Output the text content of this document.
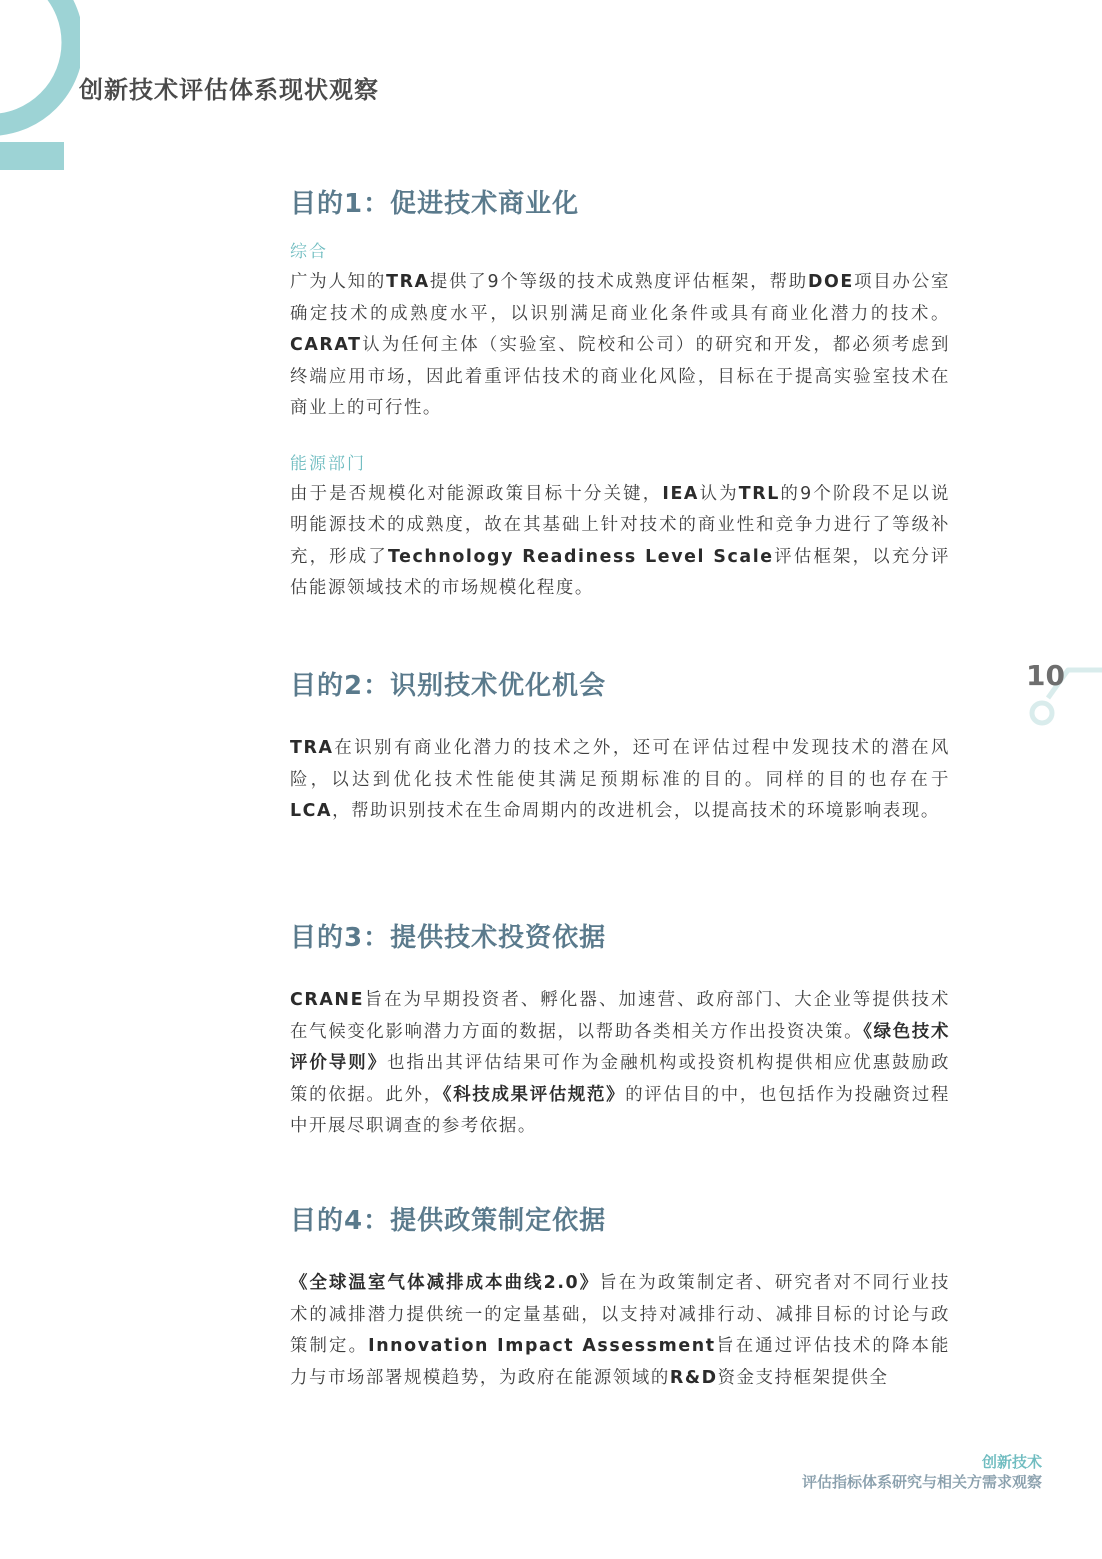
创新技术评估体系现状观察
10
目的1：促进技术商业化

综合

广为人知的TRA提供了9个等级的技术成熟度评估框架，帮助DOE项目办公室确定技术的成熟度水平，以识别满足商业化条件或具有商业化潜力的技术。CARAT认为任何主体（实验室、院校和公司）的研究和开发，都必须考虑到终端应用市场，因此着重评估技术的商业化风险，目标在于提高实验室技术在商业上的可行性。

能源部门

由于是否规模化对能源政策目标十分关键，IEA认为TRL的9个阶段不足以说明能源技术的成熟度，故在其基础上针对技术的商业性和竞争力进行了等级补充，形成了Technology Readiness Level Scale评估框架，以充分评估能源领域技术的市场规模化程度。

目的2：识别技术优化机会

TRA在识别有商业化潜力的技术之外，还可在评估过程中发现技术的潜在风险，以达到优化技术性能使其满足预期标准的目的。同样的目的也存在于LCA，帮助识别技术在生命周期内的改进机会，以提高技术的环境影响表现。

目的3：提供技术投资依据

CRANE旨在为早期投资者、孵化器、加速营、政府部门、大企业等提供技术在气候变化影响潜力方面的数据，以帮助各类相关方作出投资决策。《绿色技术评价导则》也指出其评估结果可作为金融机构或投资机构提供相应优惠鼓励政策的依据。此外，《科技成果评估规范》的评估目的中，也包括作为投融资过程中开展尽职调查的参考依据。

目的4：提供政策制定依据

《全球温室气体减排成本曲线2.0》旨在为政策制定者、研究者对不同行业技术的减排潜力提供统一的定量基础，以支持对减排行动、减排目标的讨论与政策制定。Innovation Impact Assessment旨在通过评估技术的降本能力与市场部署规模趋势，为政府在能源领域的R&D资金支持框架提供全

创新技术
评估指标体系研究与相关方需求观察
